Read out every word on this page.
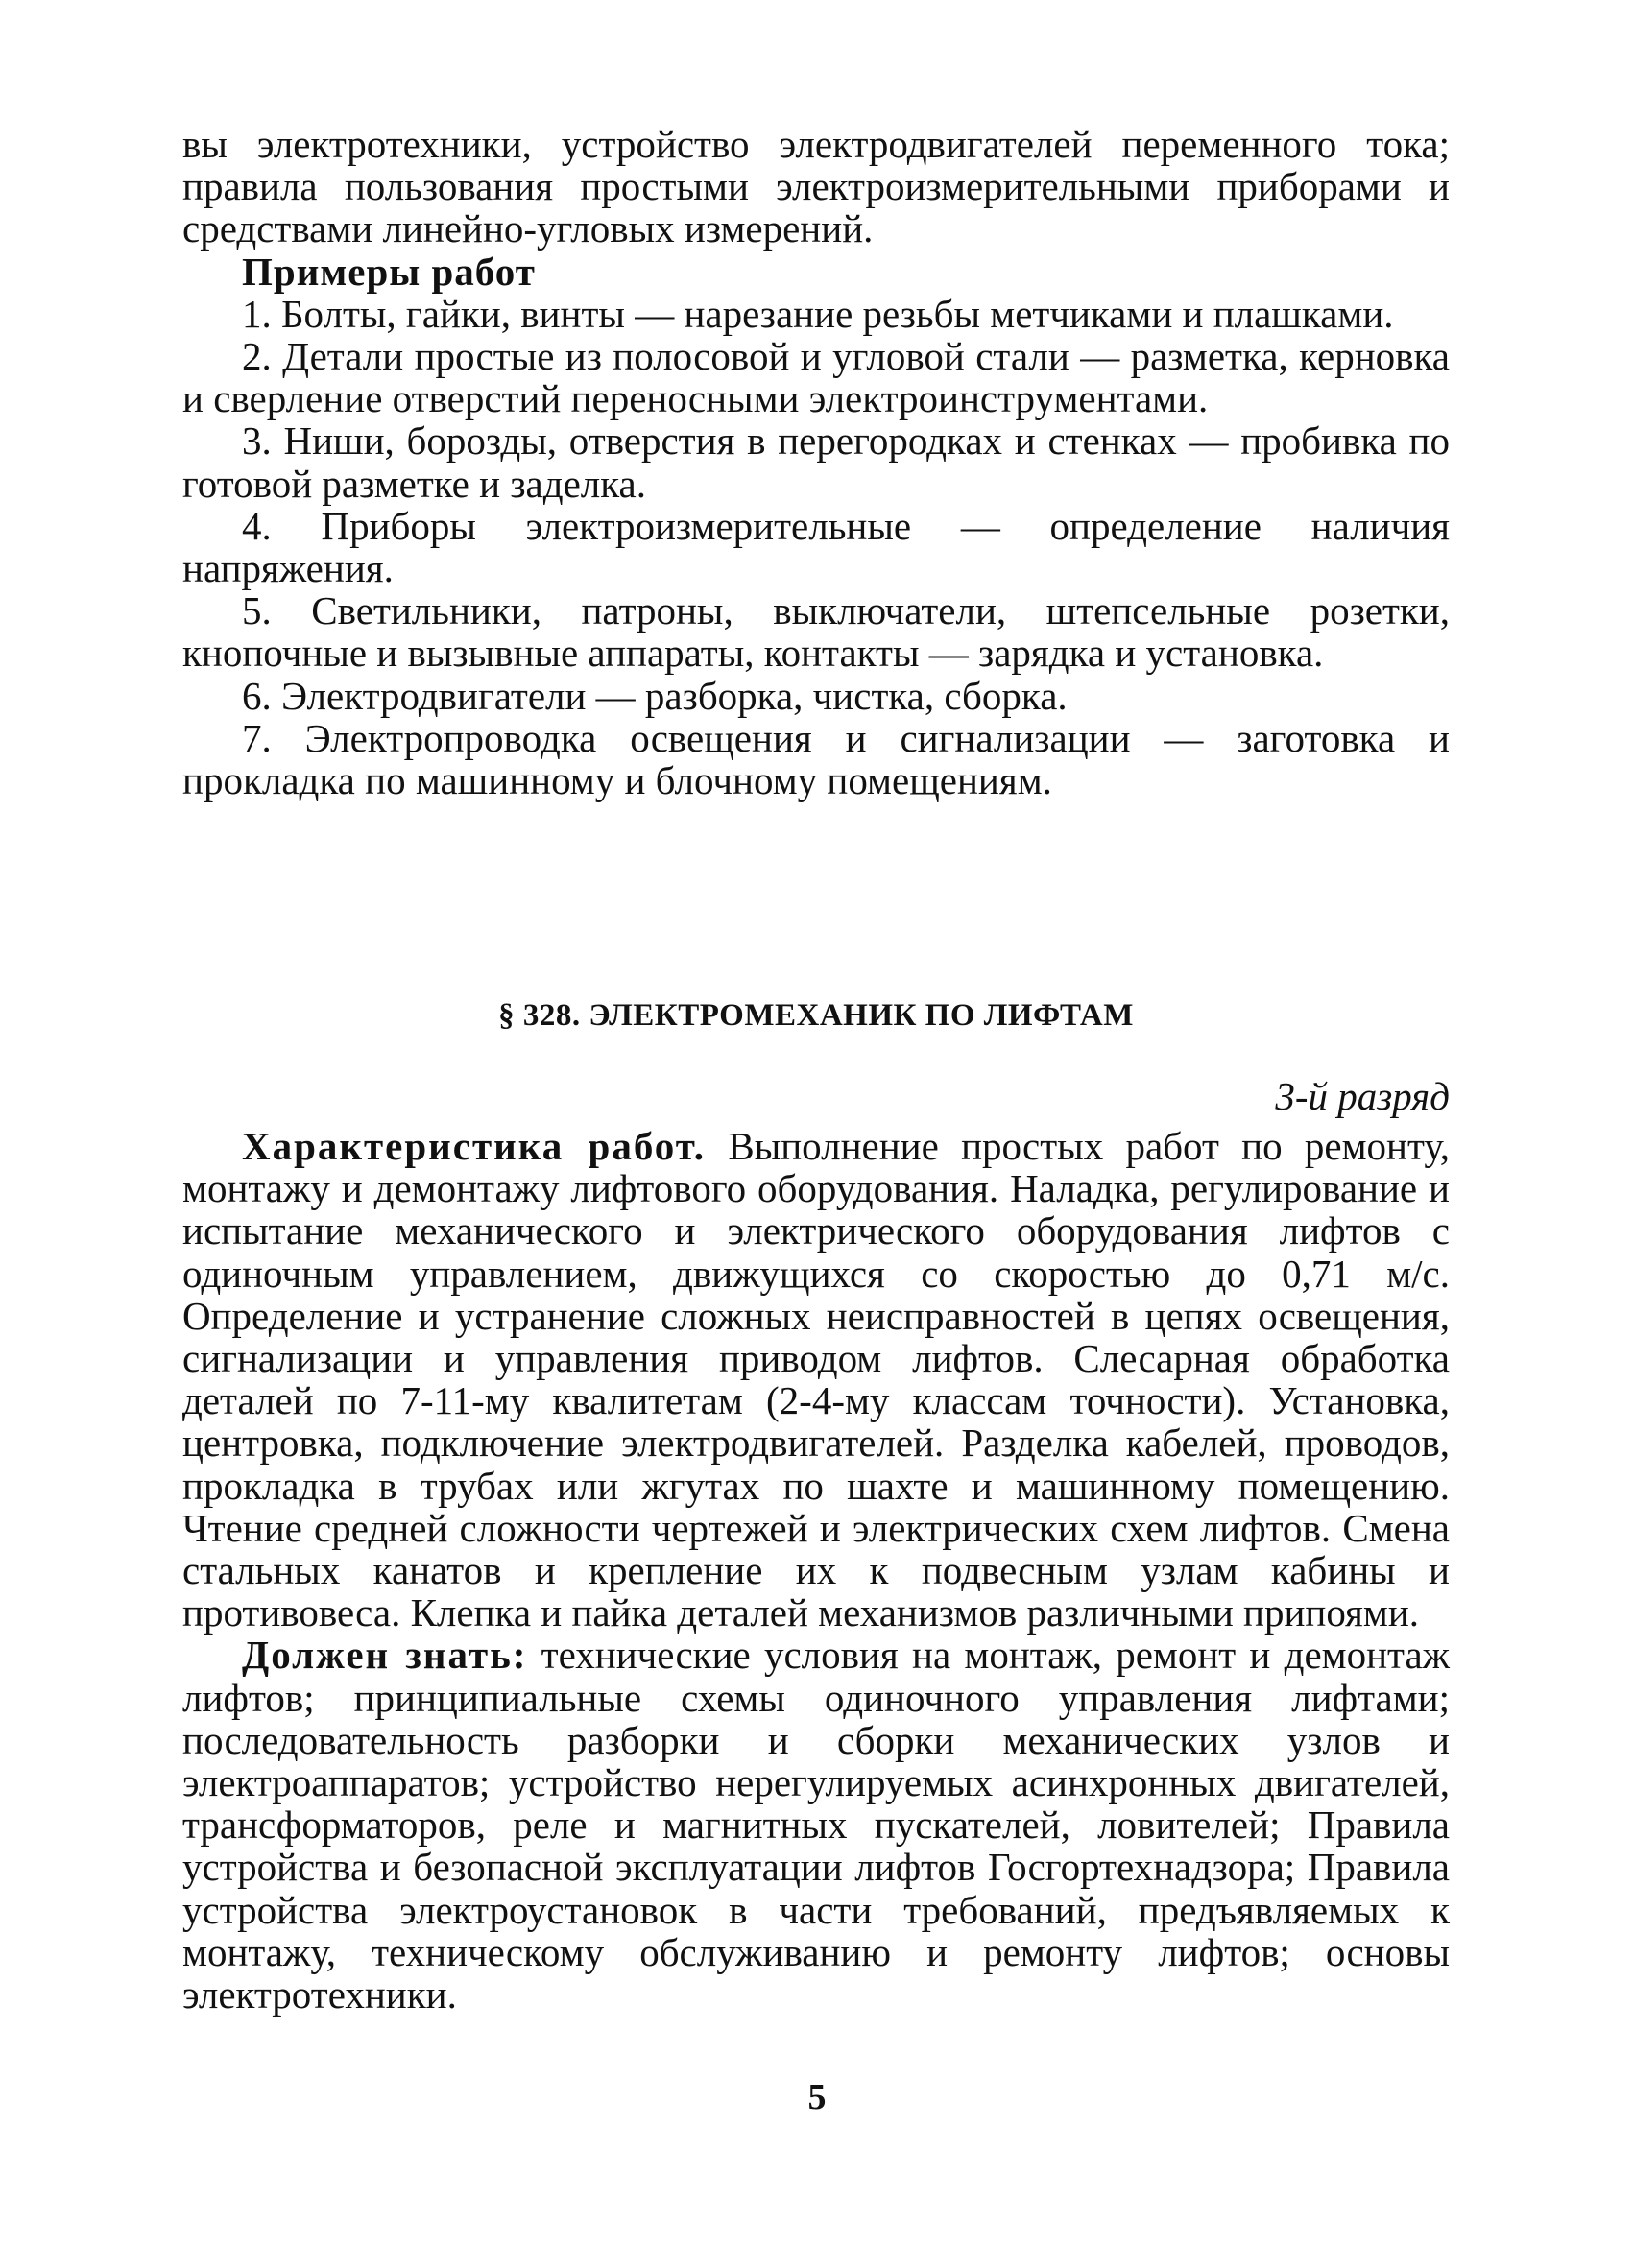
вы электротехники, устройство электродвигателей переменного тока; правила пользования простыми электроизмерительными приборами и средствами линейно-угловых измерений.

Примеры работ

1. Болты, гайки, винты — нарезание резьбы метчиками и плашками.

2. Детали простые из полосовой и угловой стали — разметка, керновка и сверление отверстий переносными электроинструментами.

3. Ниши, борозды, отверстия в перегородках и стенках — пробивка по готовой разметке и заделка.

4. Приборы электроизмерительные — определение наличия напряжения.

5. Светильники, патроны, выключатели, штепсельные розетки, кнопочные и вызывные аппараты, контакты — зарядка и установка.

6. Электродвигатели — разборка, чистка, сборка.

7. Электропроводка освещения и сигнализации — заготовка и прокладка по машинному и блочному помещениям.

§ 328. ЭЛЕКТРОМЕХАНИК ПО ЛИФТАМ
3-й разряд

Характеристика работ. Выполнение простых работ по ремонту, монтажу и демонтажу лифтового оборудования. Наладка, регулирование и испытание механического и электрического оборудования лифтов с одиночным управлением, движущихся со скоростью до 0,71 м/с. Определение и устранение сложных неисправностей в цепях освещения, сигнализации и управления приводом лифтов. Слесарная обработка деталей по 7-11-му квалитетам (2-4-му классам точности). Установка, центровка, подключение электродвигателей. Разделка кабелей, проводов, прокладка в трубах или жгутах по шахте и машинному помещению. Чтение средней сложности чертежей и электрических схем лифтов. Смена стальных канатов и крепление их к подвесным узлам кабины и противовеса. Клепка и пайка деталей механизмов различными припоями.

Должен знать: технические условия на монтаж, ремонт и демонтаж лифтов; принципиальные схемы одиночного управления лифтами; последовательность разборки и сборки механических узлов и электроаппаратов; устройство нерегулируемых асинхронных двигателей, трансформаторов, реле и магнитных пускателей, ловителей; Правила устройства и безопасной эксплуатации лифтов Госгортехнадзора; Правила устройства электроустановок в части требований, предъявляемых к монтажу, техническому обслуживанию и ремонту лифтов; основы электротехники.

5
